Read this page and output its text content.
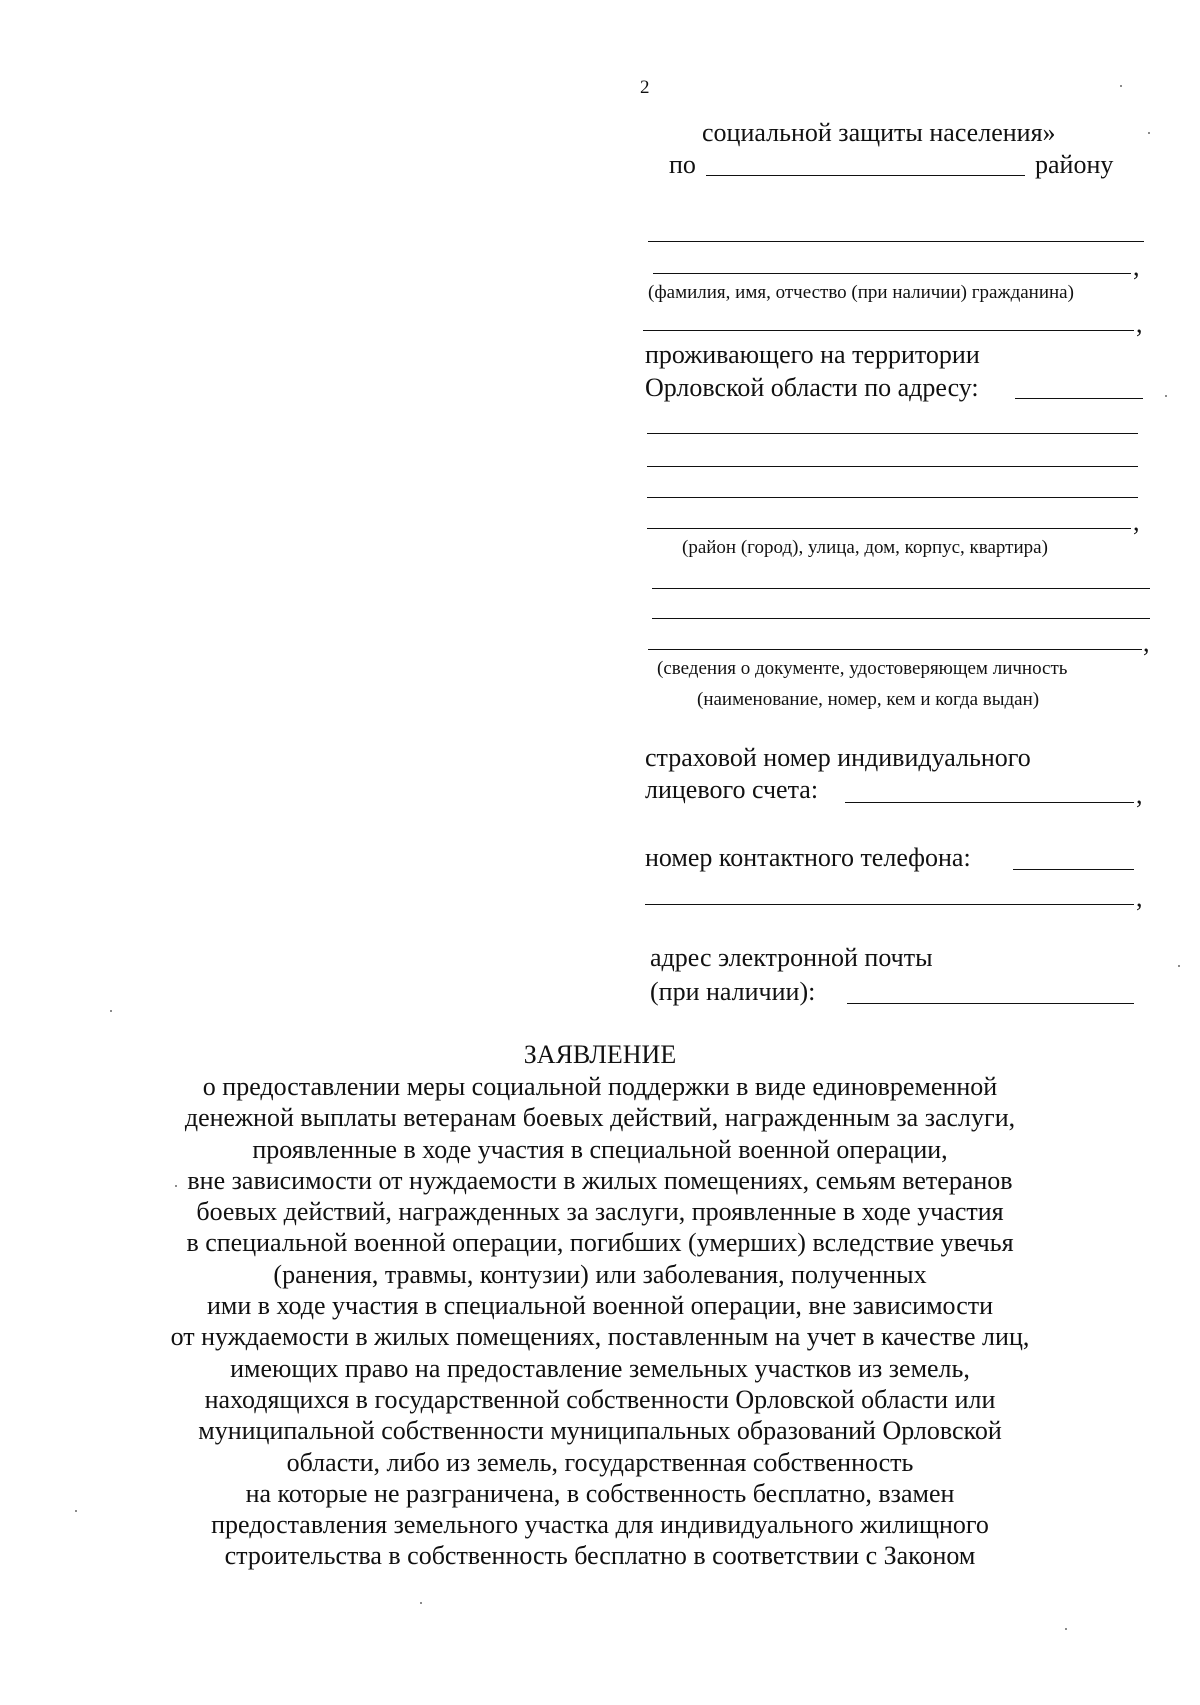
2
социальной защиты населения»
по	району
,
(фамилия, имя, отчество (при наличии) гражданина)
,
проживающего на территории
Орловской области по адресу:
,
(район (город), улица, дом, корпус, квартира)
,
(сведения о документе, удостоверяющем личность
(наименование, номер, кем и когда выдан)
страховой номер индивидуального
лицевого счета:	,
номер контактного телефона:
,
адрес электронной почты
(при наличии):
ЗАЯВЛЕНИЕ
о предоставлении меры социальной поддержки в виде единовременной
денежной выплаты ветеранам боевых действий, награжденным за заслуги,
проявленные в ходе участия в специальной военной операции,
вне зависимости от нуждаемости в жилых помещениях, семьям ветеранов
боевых действий, награжденных за заслуги, проявленные в ходе участия
в специальной военной операции, погибших (умерших) вследствие увечья
(ранения, травмы, контузии) или заболевания, полученных
ими в ходе участия в специальной военной операции, вне зависимости
от нуждаемости в жилых помещениях, поставленным на учет в качестве лиц,
имеющих право на предоставление земельных участков из земель,
находящихся в государственной собственности Орловской области или
муниципальной собственности муниципальных образований Орловской
области, либо из земель, государственная собственность
на которые не разграничена, в собственность бесплатно, взамен
предоставления земельного участка для индивидуального жилищного
строительства в собственность бесплатно в соответствии с Законом
